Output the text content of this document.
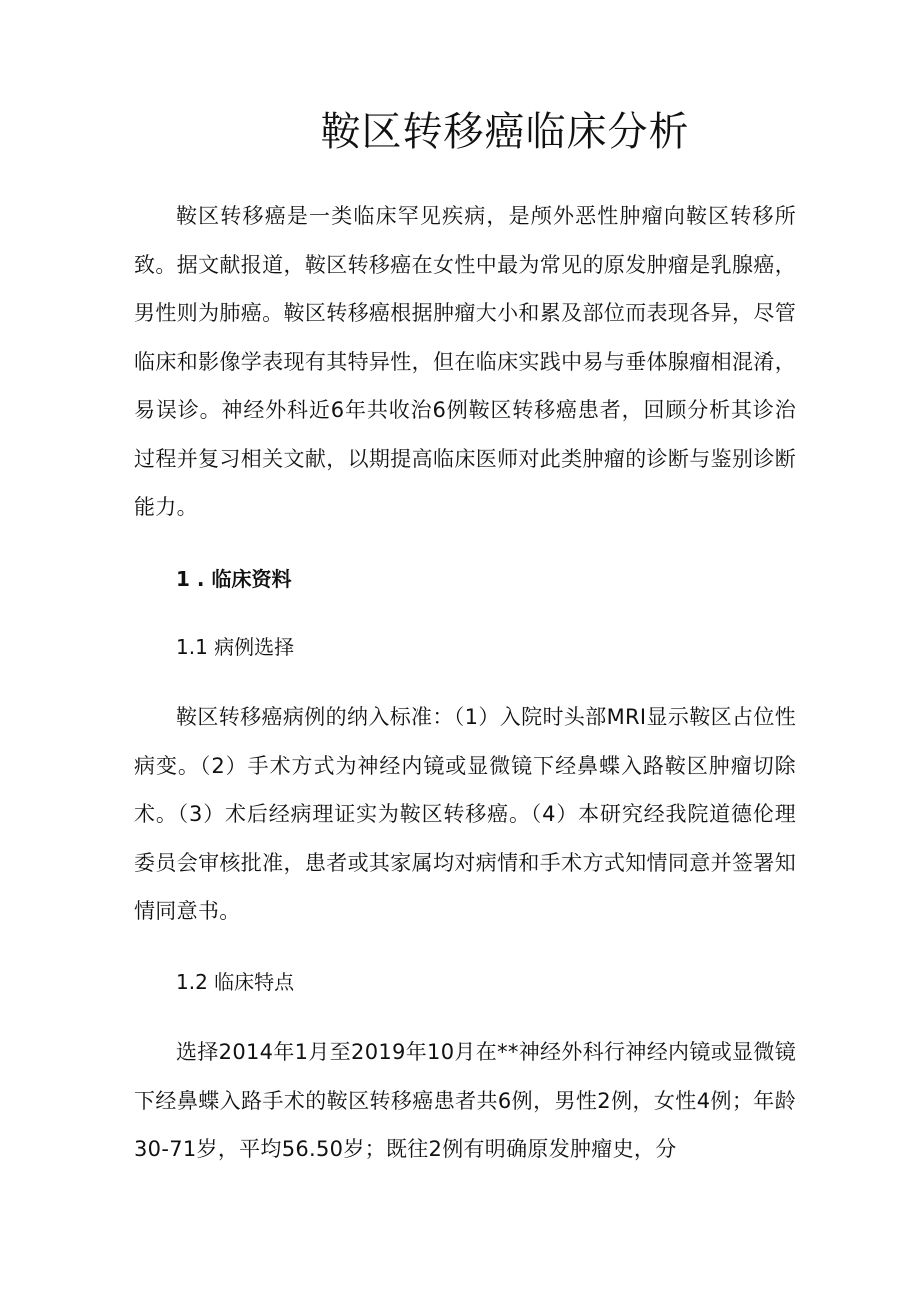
鞍区转移癌临床分析

鞍区转移癌是一类临床罕见疾病，是颅外恶性肿瘤向鞍区转移所致。据文献报道，鞍区转移癌在女性中最为常见的原发肿瘤是乳腺癌，男性则为肺癌。鞍区转移癌根据肿瘤大小和累及部位而表现各异，尽管临床和影像学表现有其特异性，但在临床实践中易与垂体腺瘤相混淆，易误诊。神经外科近6年共收治6例鞍区转移癌患者，回顾分析其诊治过程并复习相关文献，以期提高临床医师对此类肿瘤的诊断与鉴别诊断能力。

1 . 临床资料

1.1 病例选择

鞍区转移癌病例的纳入标准：（1）入院时头部MRI显示鞍区占位性病变。（2）手术方式为神经内镜或显微镜下经鼻蝶入路鞍区肿瘤切除术。（3）术后经病理证实为鞍区转移癌。（4）本研究经我院道德伦理委员会审核批准，患者或其家属均对病情和手术方式知情同意并签署知情同意书。

1.2 临床特点

选择2014年1月至2019年10月在**神经外科行神经内镜或显微镜下经鼻蝶入路手术的鞍区转移癌患者共6例，男性2例，女性4例；年龄30-71岁，平均56.50岁；既往2例有明确原发肿瘤史，分
